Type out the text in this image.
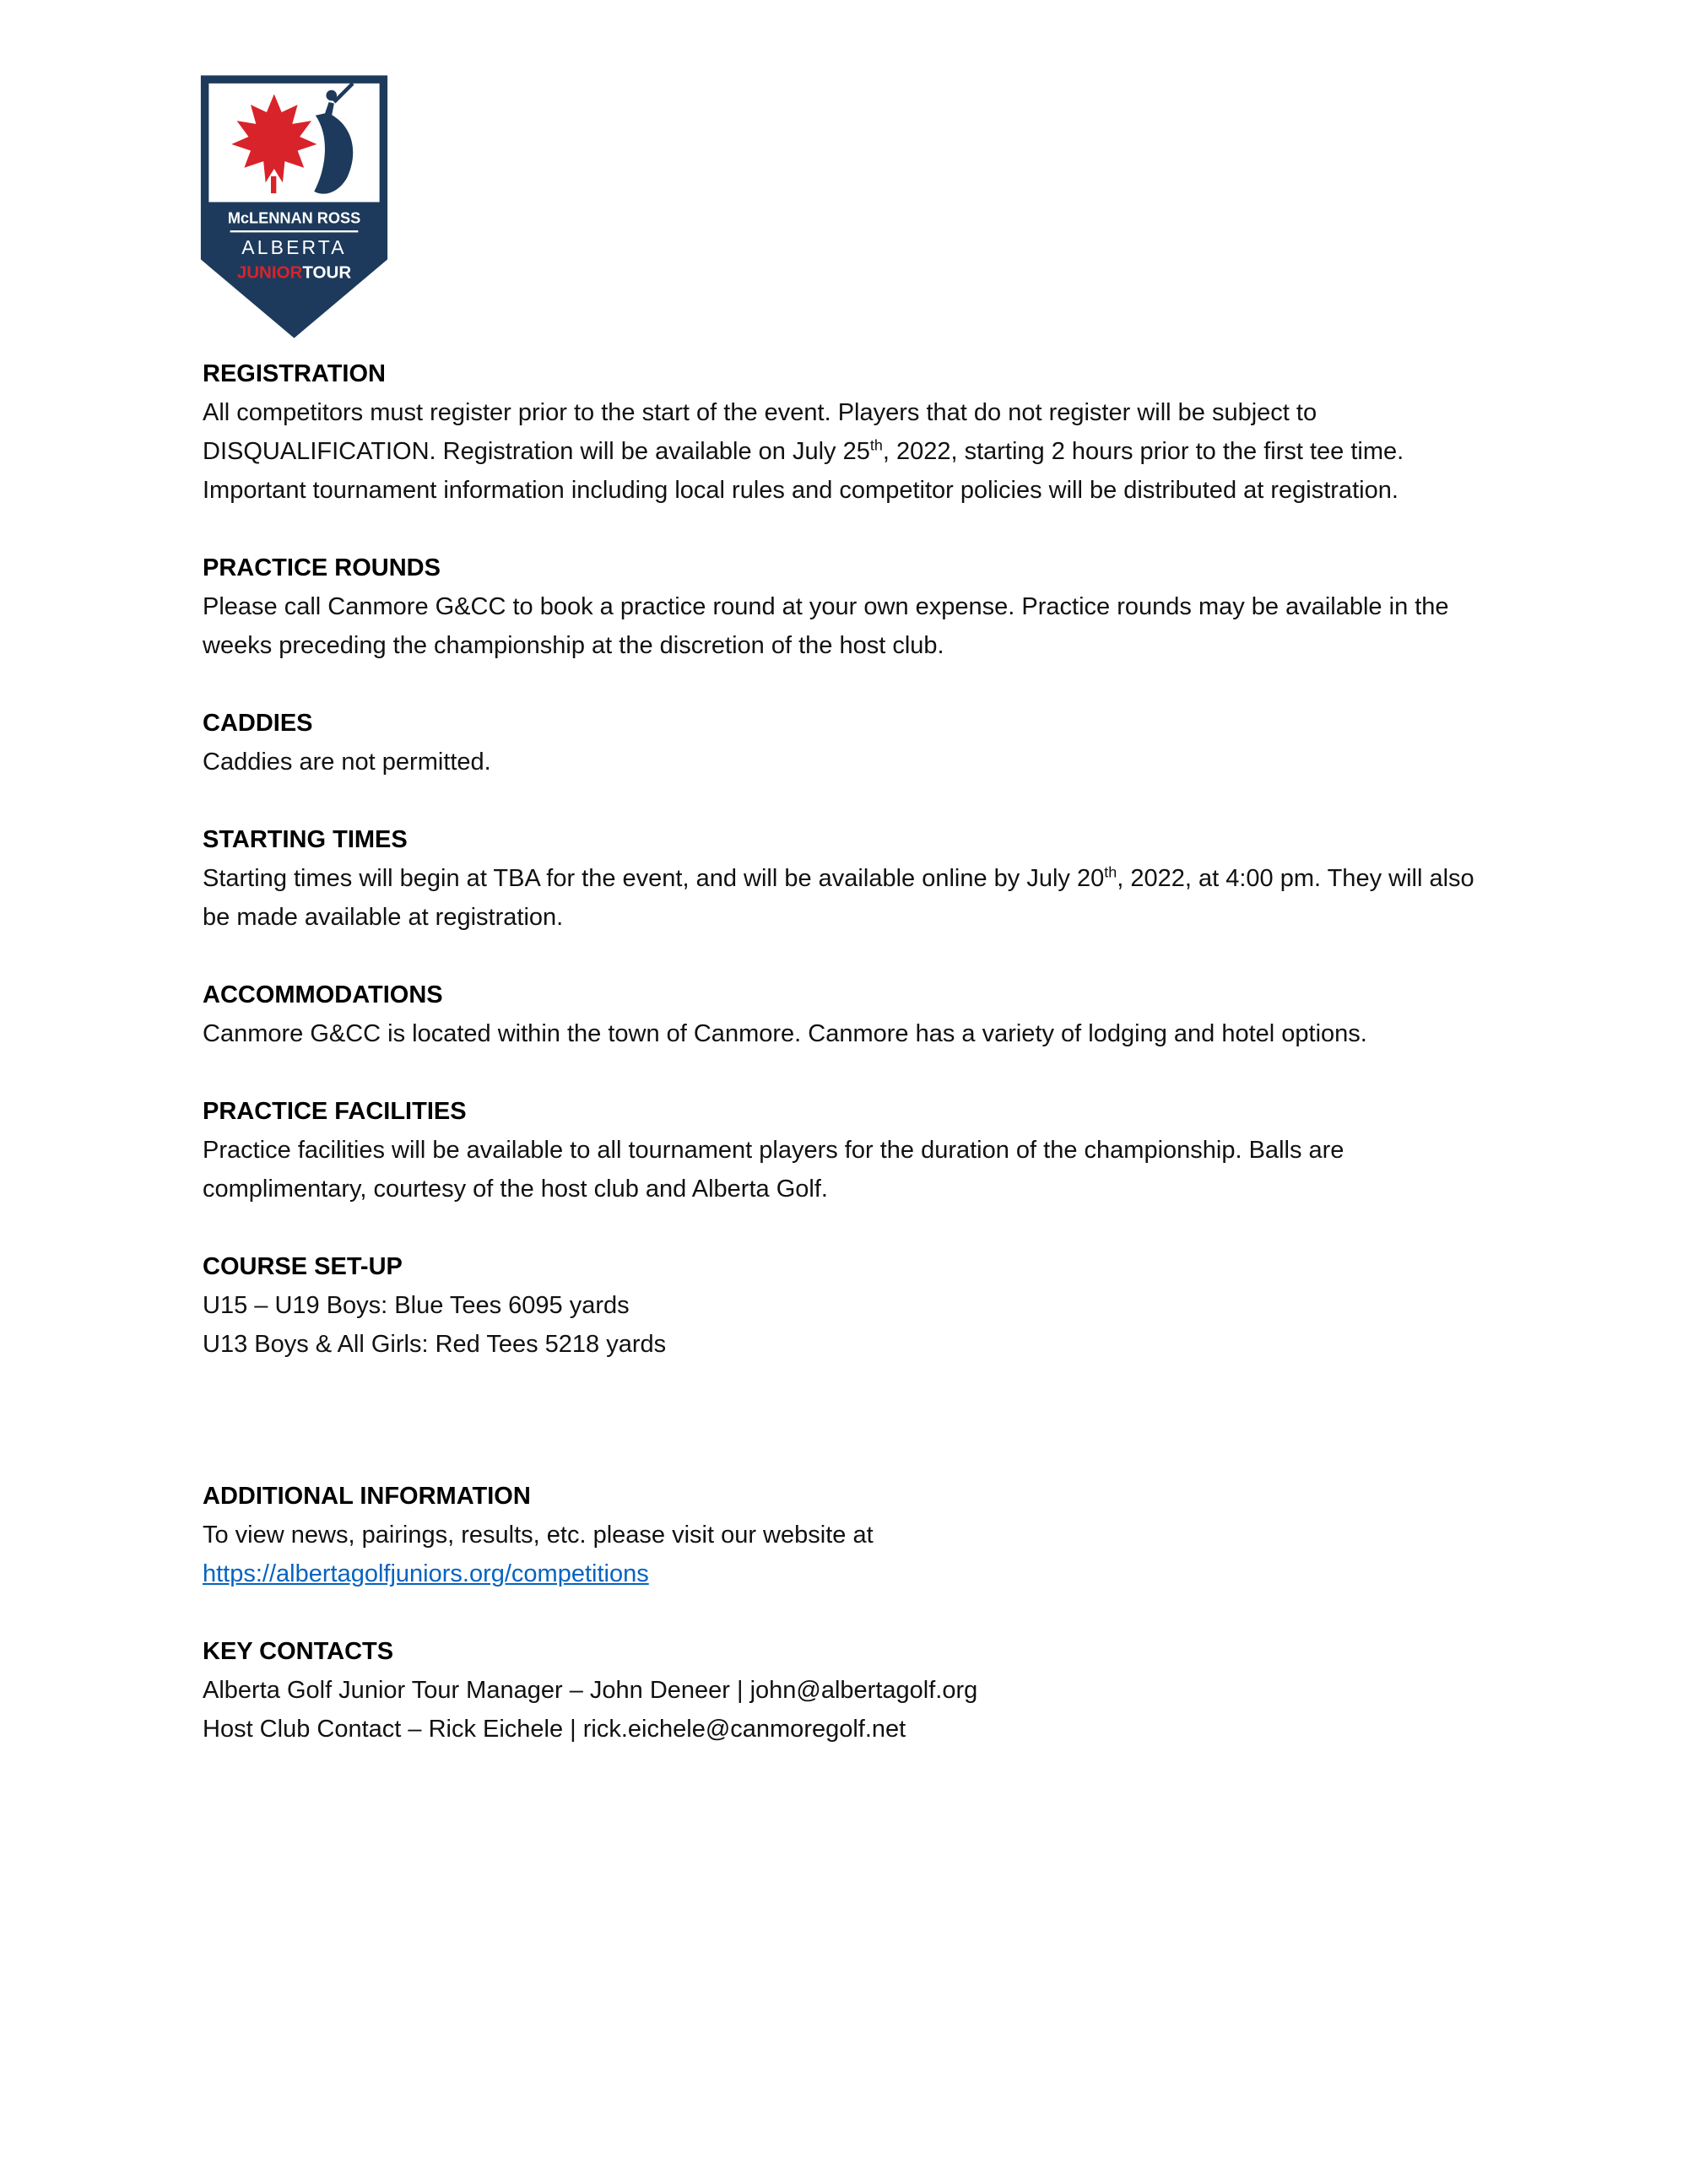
McLENNAN ROSS
ALBERTA
JUNIORTOUR
REGISTRATION

All competitors must register prior to the start of the event. Players that do not register will be subject to DISQUALIFICATION. Registration will be available on July 25th, 2022, starting 2 hours prior to the first tee time.

Important tournament information including local rules and competitor policies will be distributed at registration.

PRACTICE ROUNDS

Please call Canmore G&CC to book a practice round at your own expense. Practice rounds may be available in the weeks preceding the championship at the discretion of the host club.

CADDIES

Caddies are not permitted.

STARTING TIMES

Starting times will begin at TBA for the event, and will be available online by July 20th, 2022, at 4:00 pm. They will also be made available at registration.

ACCOMMODATIONS

Canmore G&CC is located within the town of Canmore. Canmore has a variety of lodging and hotel options.

PRACTICE FACILITIES

Practice facilities will be available to all tournament players for the duration of the championship. Balls are complimentary, courtesy of the host club and Alberta Golf.

COURSE SET-UP

U15 – U19 Boys: Blue Tees 6095 yards

U13 Boys & All Girls: Red Tees 5218 yards

ADDITIONAL INFORMATION

To view news, pairings, results, etc. please visit our website at

https://albertagolfjuniors.org/competitions

KEY CONTACTS

Alberta Golf Junior Tour Manager – John Deneer | john@albertagolf.org

Host Club Contact – Rick Eichele | rick.eichele@canmoregolf.net
